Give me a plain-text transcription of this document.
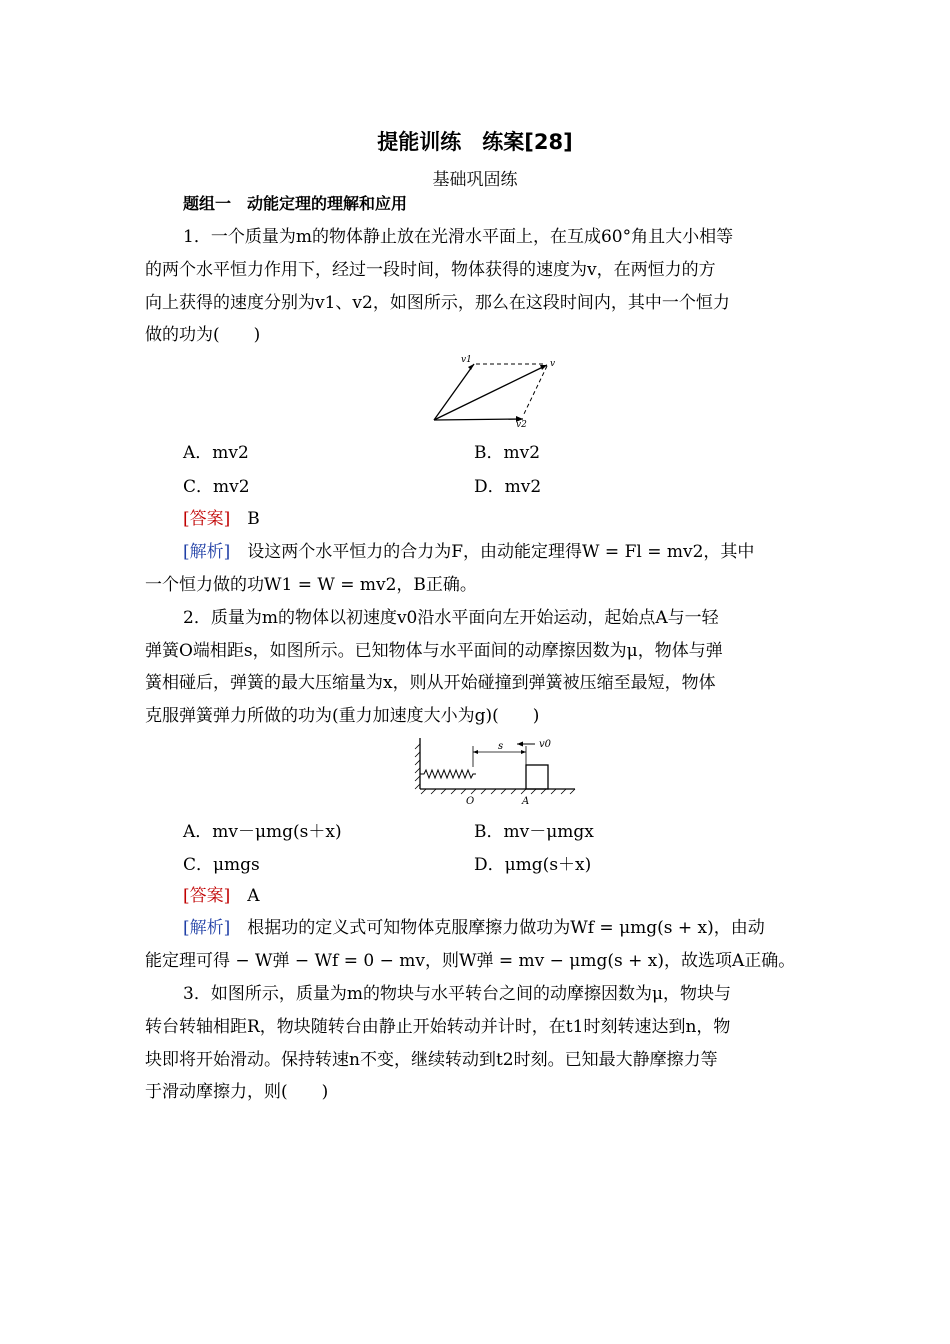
提能训练　练案[28]
基础巩固练
题组一　动能定理的理解和应用
1．一个质量为m的物体静止放在光滑水平面上，在互成60°角且大小相等
的两个水平恒力作用下，经过一段时间，物体获得的速度为v，在两恒力的方
向上获得的速度分别为v1、v2，如图所示，那么在这段时间内，其中一个恒力
做的功为(　　)
v1	v
v2
A．mv2	B．mv2
C．mv2	D．mv2
[答案]　 B
[解析]　 设这两个水平恒力的合力为F，由动能定理得W = Fl = mv2，其中
一个恒力做的功W1 = W = mv2，B正确。
2．质量为m的物体以初速度v0沿水平面向左开始运动，起始点A与一轻
弹簧O端相距s，如图所示。已知物体与水平面间的动摩擦因数为μ，物体与弹
簧相碰后，弹簧的最大压缩量为x，则从开始碰撞到弹簧被压缩至最短，物体
克服弹簧弹力所做的功为(重力加速度大小为g)(　　)
s	v0
O	A
A．mv－μmg(s＋x)	B．mv－μmgx
C．μmgs	D．μmg(s＋x)
[答案]　 A
[解析]　 根据功的定义式可知物体克服摩擦力做功为Wf = μmg(s + x)，由动
能定理可得 − W弹 − Wf = 0 − mv，则W弹 = mv − μmg(s + x)，故选项A正确。
3．如图所示，质量为m的物块与水平转台之间的动摩擦因数为μ，物块与
转台转轴相距R，物块随转台由静止开始转动并计时，在t1时刻转速达到n，物
块即将开始滑动。保持转速n不变，继续转动到t2时刻。已知最大静摩擦力等
于滑动摩擦力，则(　　)
